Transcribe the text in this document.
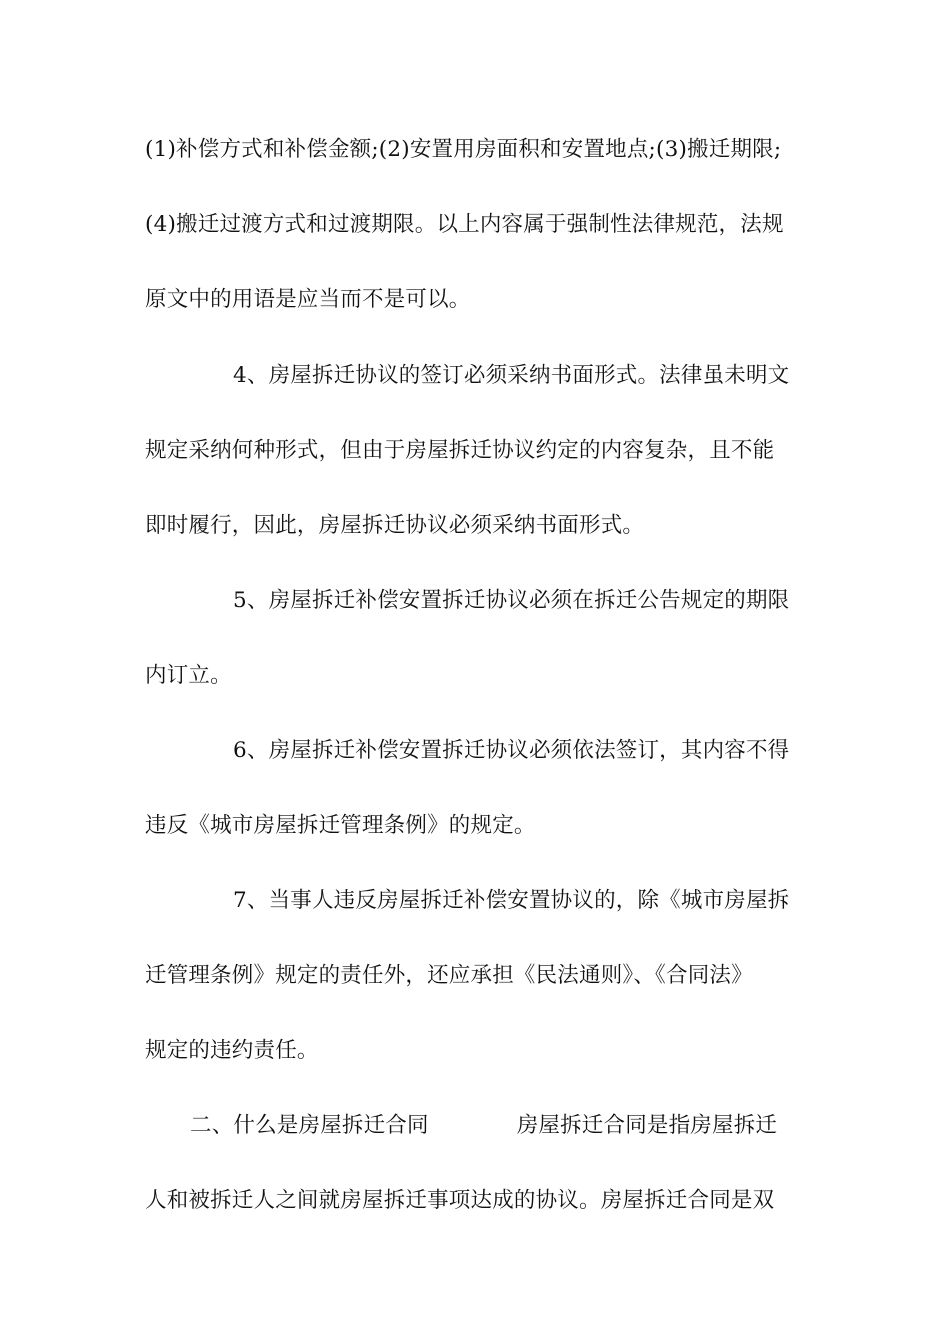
(1)补偿方式和补偿金额;(2)安置用房面积和安置地点;(3)搬迁期限;
(4)搬迁过渡方式和过渡期限。以上内容属于强制性法律规范，法规
原文中的用语是应当而不是可以。
4、房屋拆迁协议的签订必须采纳书面形式。法律虽未明文
规定采纳何种形式，但由于房屋拆迁协议约定的内容复杂，且不能
即时履行，因此，房屋拆迁协议必须采纳书面形式。
5、房屋拆迁补偿安置拆迁协议必须在拆迁公告规定的期限
内订立。
6、房屋拆迁补偿安置拆迁协议必须依法签订，其内容不得
违反《城市房屋拆迁管理条例》的规定。
7、当事人违反房屋拆迁补偿安置协议的，除《城市房屋拆
迁管理条例》规定的责任外，还应承担《民法通则》、《合同法》
规定的违约责任。
二、什么是房屋拆迁合同	房屋拆迁合同是指房屋拆迁
人和被拆迁人之间就房屋拆迁事项达成的协议。房屋拆迁合同是双
